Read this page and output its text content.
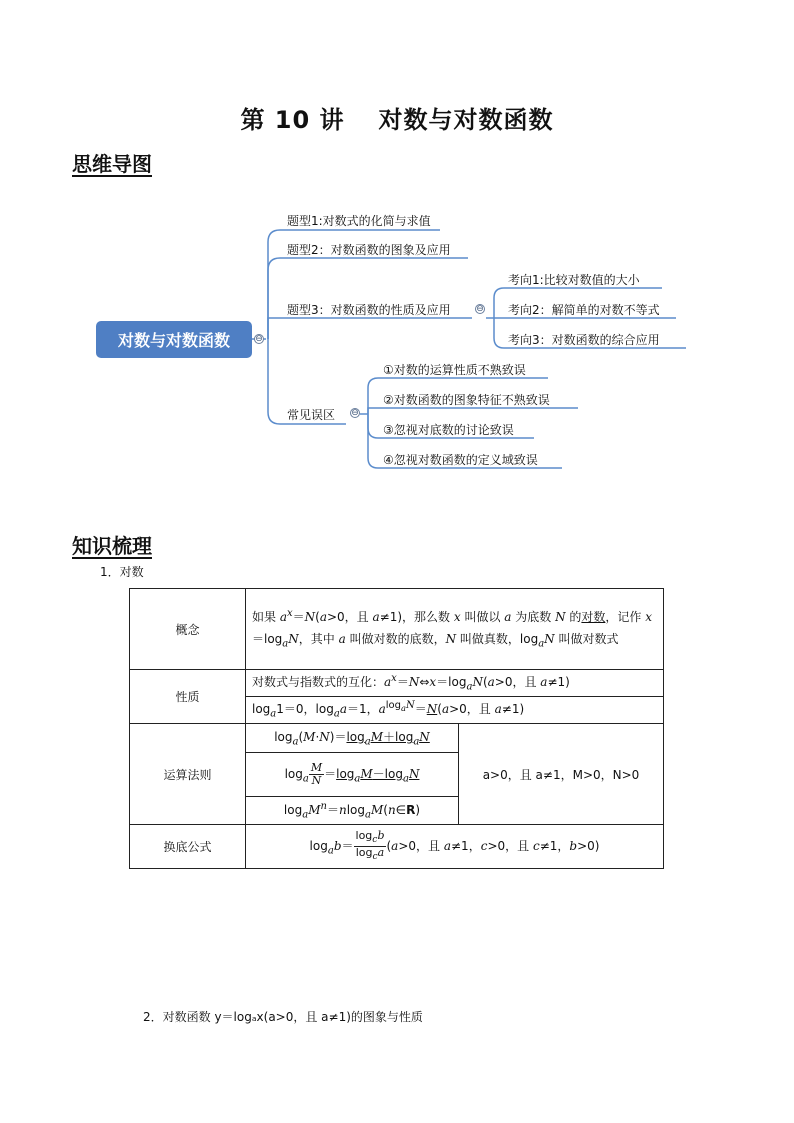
第 10 讲 对数与对数函数
思维导图
对数与对数函数	⊖
题型1:对数式的化简与求值
题型2：对数函数的图象及应用
题型3：对数函数的性质及应用	⊖
常见误区 ⊖
考向1:比较对数值的大小
考向2：解简单的对数不等式
考向3：对数函数的综合应用
①对数的运算性质不熟致误
②对数函数的图象特征不熟致误
③忽视对底数的讨论致误
④忽视对数函数的定义域致误
知识梳理
1．对数
概念	如果 $a^x=N(a>0$，且 a≠1)，那么数 x 叫做以 a 为底数 N 的对数，记作 $x=\log_aN$，其中 a 叫做对数的底数，N 叫做真数，$\log_aN$ 叫做对数式	
性质	对数式与指数式的互化：$a^x=N\Leftrightarrow x=\log_aN(a>0$，且 a≠1)	
	$\log_a1=0$，$\log_aa=1$，$a^{log_aN}=N(a>0$，且 a≠1)	
运算法则	$\log_a(M\cdot N)=\log_aM+\log_aN$	a>0，且 a≠1，M>0，N>0
	$\log_a \frac{M}{N} =\log_aM-\log_aN$	
	$\log_aM^n=nlog_aM(n\in R)$	
换底公式	$\log_ab= \frac{\log_cb}{\log_ca} (a>0$，且 a≠1，c>0，且 c≠1，b>0)	
2．对数函数 y＝logₐx(a>0，且 a≠1)的图象与性质
